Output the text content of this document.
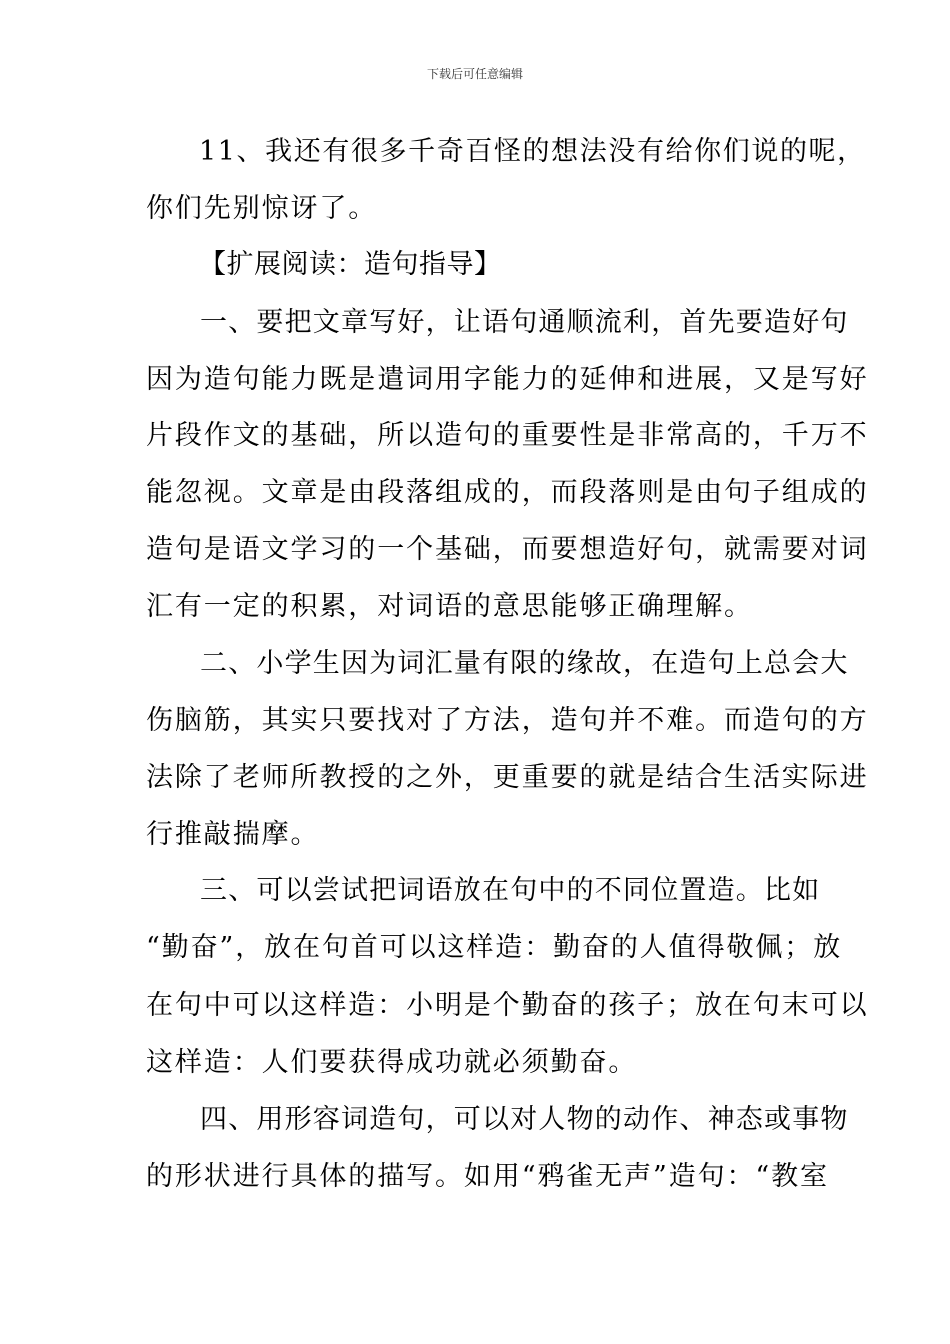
下载后可任意编辑
11、我还有很多千奇百怪的想法没有给你们说的呢，
你们先别惊讶了。
【扩展阅读：造句指导】
一、要把文章写好，让语句通顺流利，首先要造好句
因为造句能力既是遣词用字能力的延伸和进展，又是写好
片段作文的基础，所以造句的重要性是非常高的，千万不
能忽视。文章是由段落组成的，而段落则是由句子组成的
造句是语文学习的一个基础，而要想造好句，就需要对词
汇有一定的积累，对词语的意思能够正确理解。
二、小学生因为词汇量有限的缘故，在造句上总会大
伤脑筋，其实只要找对了方法，造句并不难。而造句的方
法除了老师所教授的之外，更重要的就是结合生活实际进
行推敲揣摩。
三、可以尝试把词语放在句中的不同位置造。比如
“勤奋”，放在句首可以这样造：勤奋的人值得敬佩；放
在句中可以这样造：小明是个勤奋的孩子；放在句末可以
这样造：人们要获得成功就必须勤奋。
四、用形容词造句，可以对人物的动作、神态或事物
的形状进行具体的描写。如用“鸦雀无声”造句：“教室
